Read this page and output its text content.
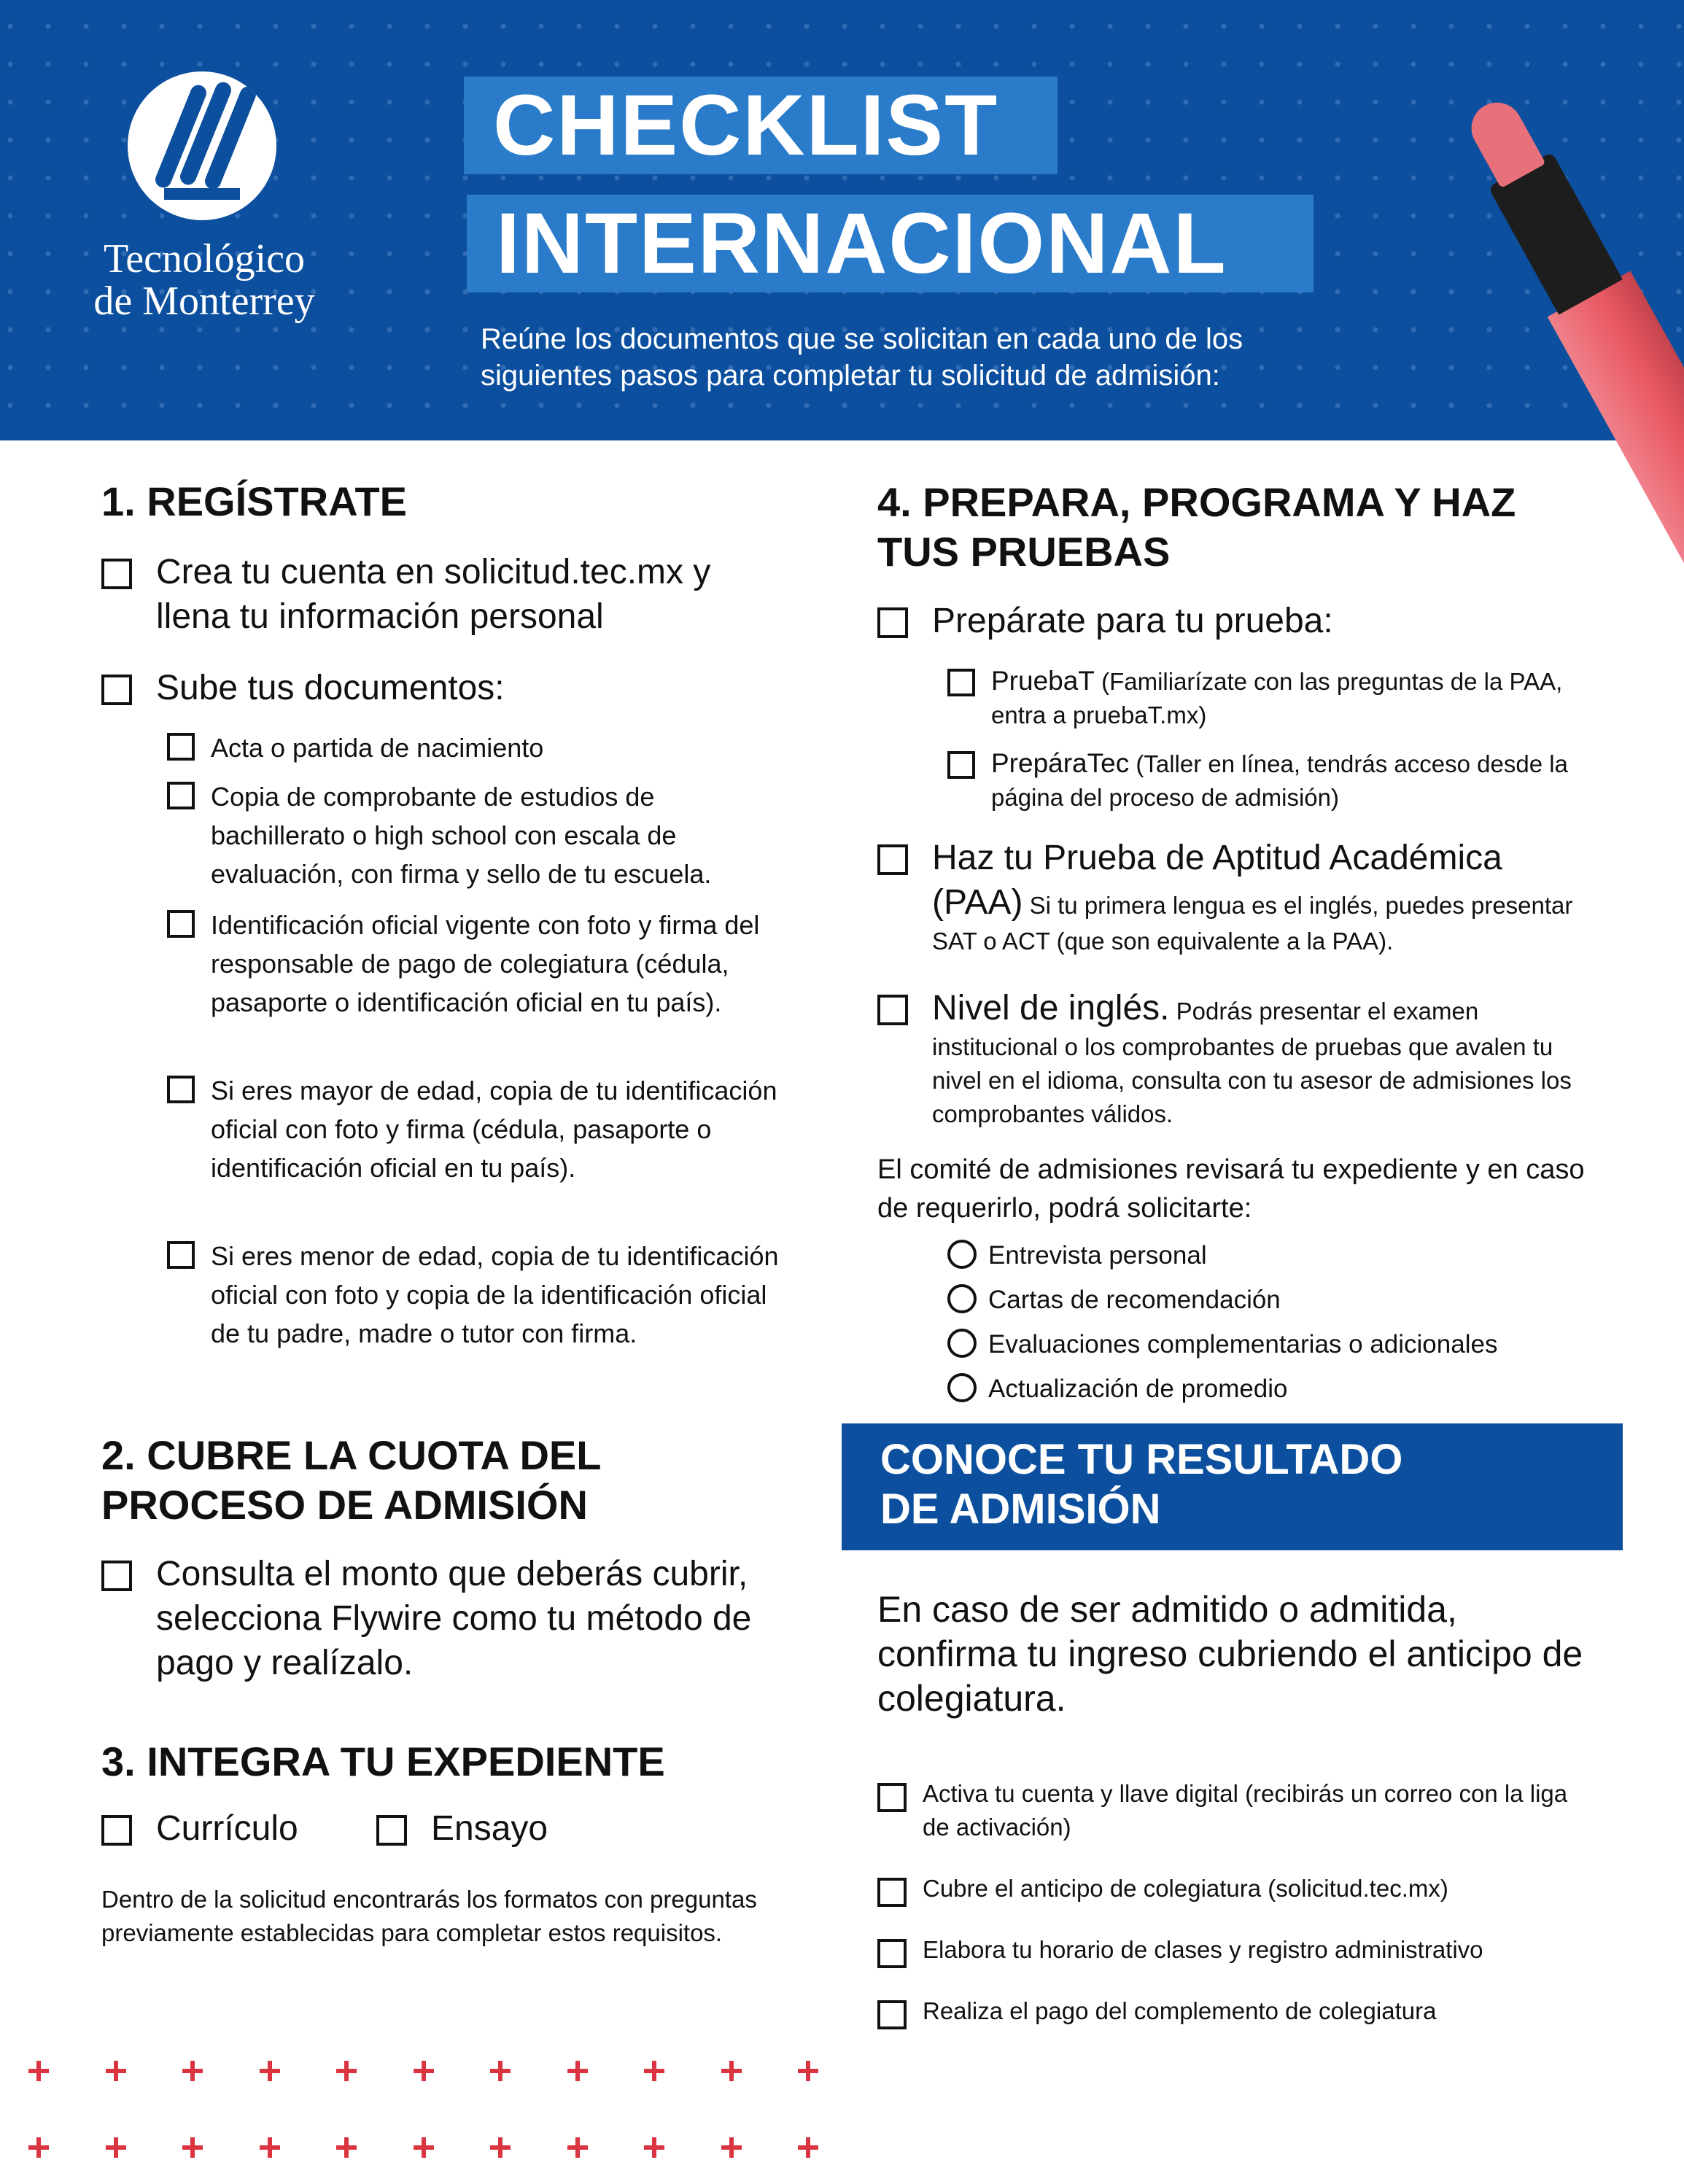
Tecnológico
de Monterrey
CHECKLIST
INTERNACIONAL
Reúne los documentos que se solicitan en cada uno de los siguientes pasos para completar tu solicitud de admisión:
1. REGÍSTRATE
Crea tu cuenta en solicitud.tec.mx y llena tu información personal
Sube tus documentos:
Acta o partida de nacimiento
Copia de comprobante de estudios de bachillerato o high school con escala de evaluación, con firma y sello de tu escuela.
Identificación oficial vigente con foto y firma del responsable de pago de colegiatura (cédula, pasaporte o identificación oficial en tu país).
Si eres mayor de edad, copia de tu identificación oficial con foto y firma (cédula, pasaporte o identificación oficial en tu país).
Si eres menor de edad, copia de tu identificación oficial con foto y copia de la identificación oficial de tu padre, madre o tutor con firma.
2. CUBRE LA CUOTA DEL PROCESO DE ADMISIÓN
Consulta el monto que deberás cubrir, selecciona Flywire como tu método de pago y realízalo.
3. INTEGRA TU EXPEDIENTE
Currículo	Ensayo
Dentro de la solicitud encontrarás los formatos con preguntas previamente establecidas para completar estos requisitos.
4. PREPARA, PROGRAMA Y HAZ TUS PRUEBAS
Prepárate para tu prueba:
PruebaT (Familiarízate con las preguntas de la PAA, entra a pruebaT.mx)
PrepáraTec (Taller en línea, tendrás acceso desde la página del proceso de admisión)
Haz tu Prueba de Aptitud Académica (PAA) Si tu primera lengua es el inglés, puedes presentar SAT o ACT (que son equivalente a la PAA).
Nivel de inglés. Podrás presentar el examen institucional o los comprobantes de pruebas que avalen tu nivel en el idioma, consulta con tu asesor de admisiones los comprobantes válidos.
El comité de admisiones revisará tu expediente y en caso de requerirlo, podrá solicitarte:
Entrevista personal
Cartas de recomendación
Evaluaciones complementarias o adicionales
Actualización de promedio
CONOCE TU RESULTADO DE ADMISIÓN
En caso de ser admitido o admitida, confirma tu ingreso cubriendo el anticipo de colegiatura.
Activa tu cuenta y llave digital (recibirás un correo con la liga de activación)
Cubre el anticipo de colegiatura (solicitud.tec.mx)
Elabora tu horario de clases y registro administrativo
Realiza el pago del complemento de colegiatura
